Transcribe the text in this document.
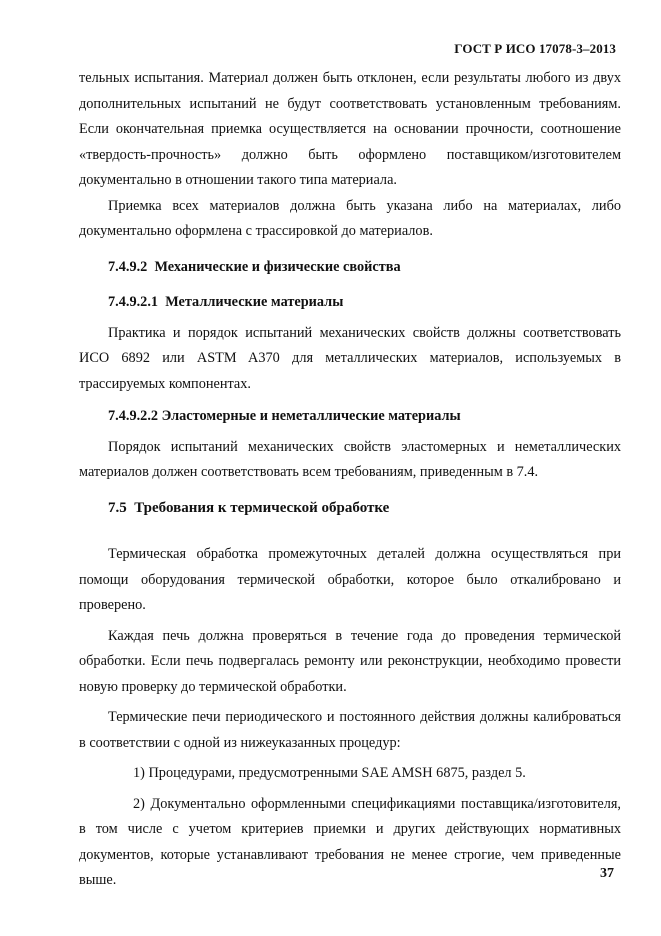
ГОСТ Р ИСО 17078-3–2013

тельных испытания. Материал должен быть отклонен, если результаты любого из двух дополнительных испытаний не будут соответствовать установленным требованиям. Если окончательная приемка осуществляется на основании прочности, соотношение «твердость-прочность» должно быть оформлено поставщиком/изготовителем документально в отношении такого типа материала.

Приемка всех материалов должна быть указана либо на материалах, либо документально оформлена с трассировкой до материалов.

7.4.9.2 Механические и физические свойства

7.4.9.2.1 Металлические материалы

Практика и порядок испытаний механических свойств должны соответствовать ИСО 6892 или ASTM A370 для металлических материалов, используемых в трассируемых компонентах.

7.4.9.2.2 Эластомерные и неметаллические материалы

Порядок испытаний механических свойств эластомерных и неметаллических материалов должен соответствовать всем требованиям, приведенным в 7.4.

7.5 Требования к термической обработке

Термическая обработка промежуточных деталей должна осуществляться при помощи оборудования термической обработки, которое было откалибровано и проверено.

Каждая печь должна проверяться в течение года до проведения термической обработки. Если печь подвергалась ремонту или реконструкции, необходимо провести новую проверку до термической обработки.

Термические печи периодического и постоянного действия должны калиброваться в соответствии с одной из нижеуказанных процедур:

1) Процедурами, предусмотренными SAE AMSH 6875, раздел 5.

2) Документально оформленными спецификациями поставщика/изготовителя, в том числе с учетом критериев приемки и других действующих нормативных документов, которые устанавливают требования не менее строгие, чем приведенные выше.	37
